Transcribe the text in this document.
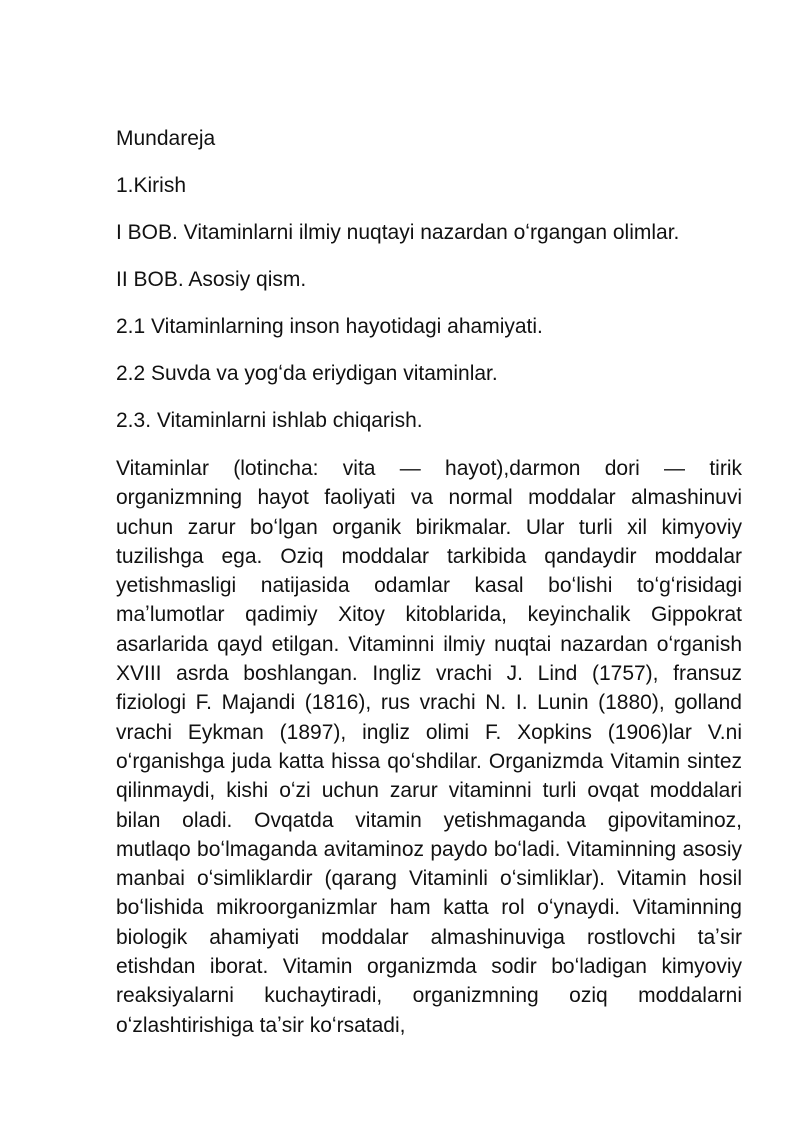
Mundareja
1.Kirish
I BOB. Vitaminlarni ilmiy nuqtayi nazardan oʻrgangan olimlar.
II BOB. Asosiy qism.
2.1 Vitaminlarning inson hayotidagi ahamiyati.
2.2 Suvda va yogʻda eriydigan vitaminlar.
2.3. Vitaminlarni ishlab chiqarish.

Vitaminlar (lotincha: vita — hayot),darmon dori — tirik organizmning hayot faoliyati va normal moddalar almashinuvi uchun zarur boʻlgan organik birikmalar. Ular turli xil kimyoviy tuzilishga ega. Oziq moddalar tarkibida qandaydir moddalar yetishmasligi natijasida odamlar kasal boʻlishi toʻgʻrisidagi maʼlumotlar qadimiy Xitoy kitoblarida, keyinchalik Gippokrat asarlarida qayd etilgan. Vitaminni ilmiy nuqtai nazardan oʻrganish XVIII asrda boshlangan. Ingliz vrachi J. Lind (1757), fransuz fiziologi F. Majandi (1816), rus vrachi N. I. Lunin (1880), golland vrachi Eykman (1897), ingliz olimi F. Xopkins (1906)lar V.ni oʻrganishga juda katta hissa qoʻshdilar. Organizmda Vitamin sintez qilinmaydi, kishi oʻzi uchun zarur vitaminni turli ovqat moddalari bilan oladi. Ovqatda vitamin yetishmaganda gipovitaminoz, mutlaqo boʻlmaganda avitaminoz paydo boʻladi. Vitaminning asosiy manbai oʻsimliklardir (qarang Vitaminli oʻsimliklar). Vitamin hosil boʻlishida mikroorganizmlar ham katta rol oʻynaydi. Vitaminning biologik ahamiyati moddalar almashinuviga rostlovchi taʼsir etishdan iborat. Vitamin organizmda sodir boʻladigan kimyoviy reaksiyalarni kuchaytiradi, organizmning oziq moddalarni oʻzlashtirishiga taʼsir koʻrsatadi,
